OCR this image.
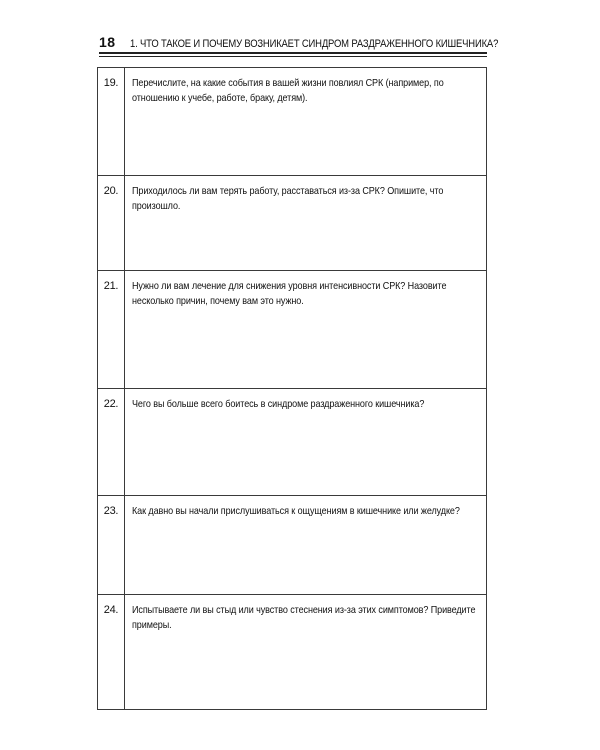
18 1. ЧТО ТАКОЕ И ПОЧЕМУ ВОЗНИКАЕТ СИНДРОМ РАЗДРАЖЕННОГО КИШЕЧНИКА?
19.	Перечислите, на какие события в вашей жизни повлиял СРК (например, по отношению к учебе, работе, браку, детям).
20.	Приходилось ли вам терять работу, расставаться из-за СРК? Опишите, что произошло.
21.	Нужно ли вам лечение для снижения уровня интенсивности СРК? Назовите несколько причин, почему вам это нужно.
22.	Чего вы больше всего боитесь в синдроме раздраженного кишечника?
23.	Как давно вы начали прислушиваться к ощущениям в кишечнике или желудке?
24.	Испытываете ли вы стыд или чувство стеснения из-за этих симптомов? Приведите примеры.
